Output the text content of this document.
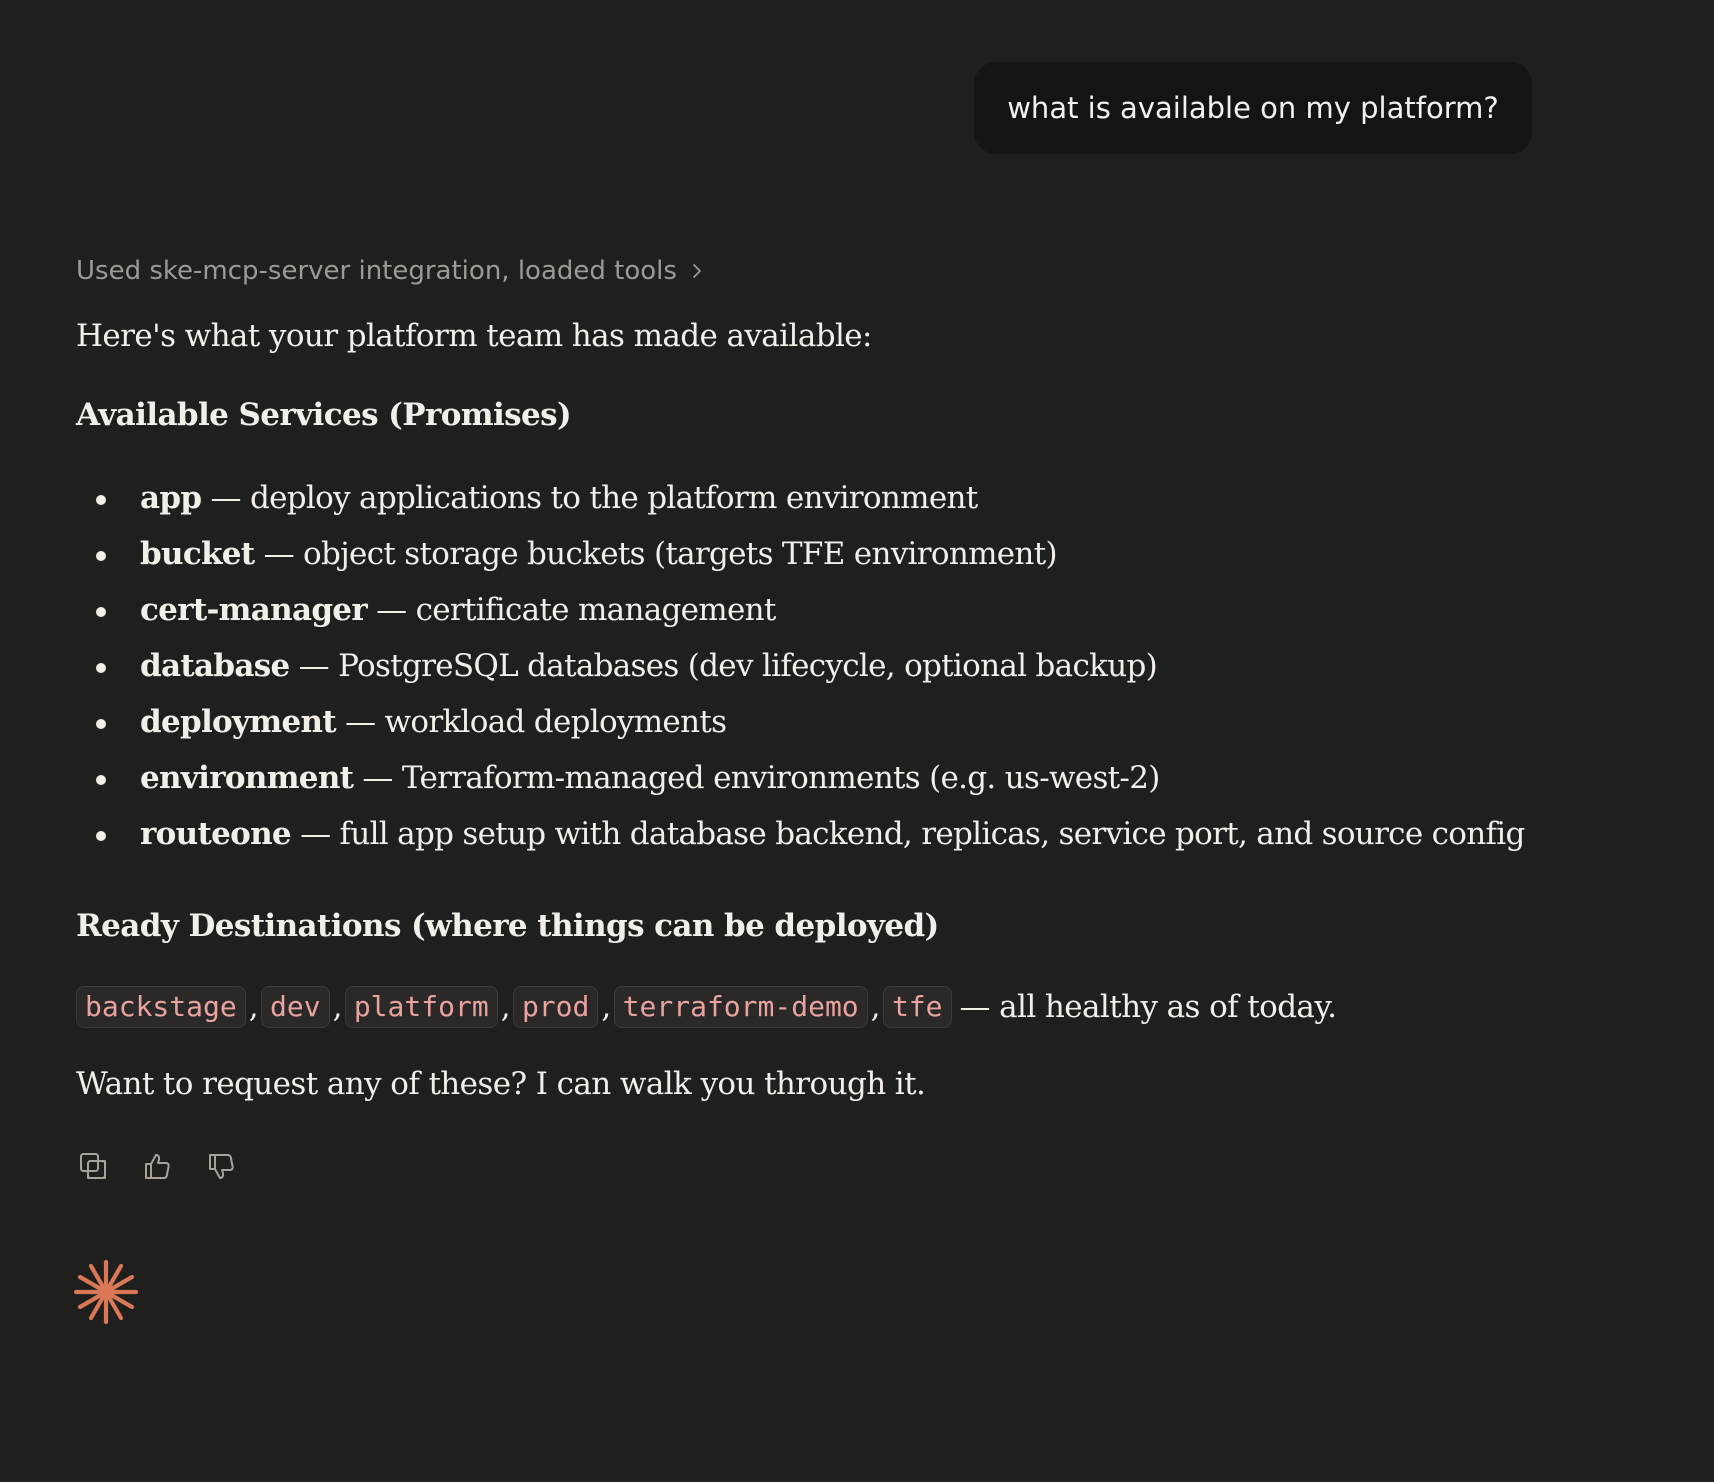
what is available on my platform?
Used ske-mcp-server integration, loaded tools
Here's what your platform team has made available:
Available Services (Promises)
app — deploy applications to the platform environment
bucket — object storage buckets (targets TFE environment)
cert-manager — certificate management
database — PostgreSQL databases (dev lifecycle, optional backup)
deployment — workload deployments
environment — Terraform-managed environments (e.g. us-west-2)
routeone — full app setup with database backend, replicas, service port, and source config
Ready Destinations (where things can be deployed)
backstage , dev , platform , prod , terraform-demo , tfe — all healthy as of today.
Want to request any of these? I can walk you through it.
